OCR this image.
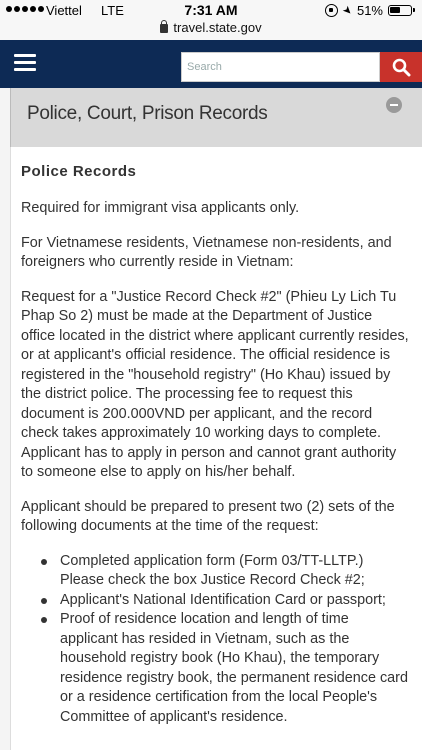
Viettel LTE	7:31 AM	➤ 51%
travel.state.gov
Search
Police, Court, Prison Records
Police Records

Required for immigrant visa applicants only.

For Vietnamese residents, Vietnamese non-residents, and foreigners who currently reside in Vietnam:

Request for a "Justice Record Check #2" (Phieu Ly Lich Tu Phap So 2) must be made at the Department of Justice office located in the district where applicant currently resides, or at applicant's official residence. The official residence is registered in the "household registry" (Ho Khau) issued by the district police. The processing fee to request this document is 200.000VND per applicant, and the record check takes approximately 10 working days to complete. Applicant has to apply in person and cannot grant authority to someone else to apply on his/her behalf.

Applicant should be prepared to present two (2) sets of the following documents at the time of the request:

Completed application form (Form 03/TT-LLTP.) Please check the box Justice Record Check #2;
Applicant's National Identification Card or passport;
Proof of residence location and length of time applicant has resided in Vietnam, such as the household registry book (Ho Khau), the temporary residence registry book, the permanent residence card or a residence certification from the local People's Committee of applicant's residence.
